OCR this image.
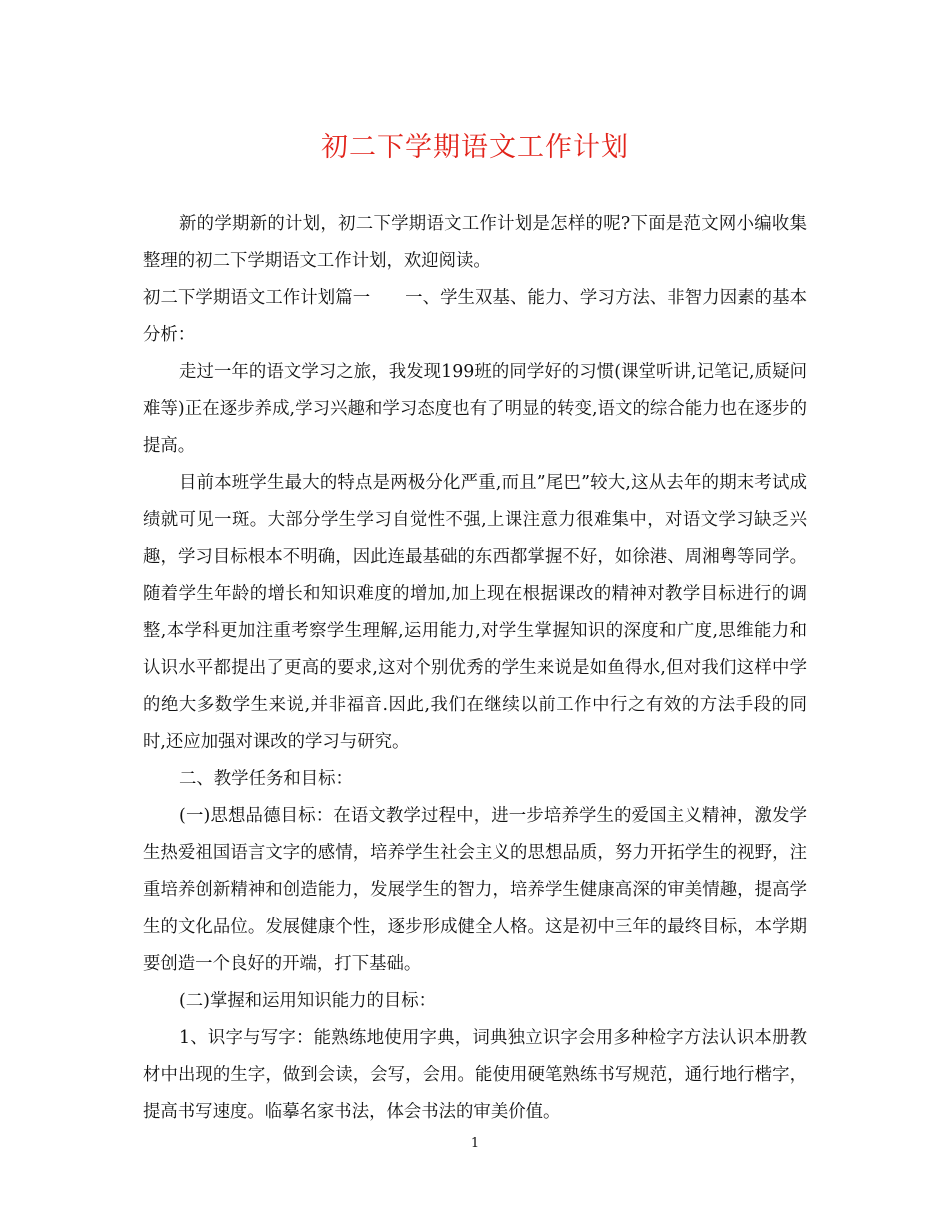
初二下学期语文工作计划

新的学期新的计划，初二下学期语文工作计划是怎样的呢?下面是范文网小编收集整理的初二下学期语文工作计划，欢迎阅读。

初二下学期语文工作计划篇一　　一、学生双基、能力、学习方法、非智力因素的基本分析：

走过一年的语文学习之旅，我发现199班的同学好的习惯(课堂听讲,记笔记,质疑问难等)正在逐步养成,学习兴趣和学习态度也有了明显的转变,语文的综合能力也在逐步的提高。

目前本班学生最大的特点是两极分化严重,而且”尾巴”较大,这从去年的期末考试成绩就可见一斑。大部分学生学习自觉性不强,上课注意力很难集中，对语文学习缺乏兴趣，学习目标根本不明确，因此连最基础的东西都掌握不好，如徐港、周湘粤等同学。随着学生年龄的增长和知识难度的增加,加上现在根据课改的精神对教学目标进行的调整,本学科更加注重考察学生理解,运用能力,对学生掌握知识的深度和广度,思维能力和认识水平都提出了更高的要求,这对个别优秀的学生来说是如鱼得水,但对我们这样中学的绝大多数学生来说,并非福音.因此,我们在继续以前工作中行之有效的方法手段的同时,还应加强对课改的学习与研究。

二、教学任务和目标：

(一)思想品德目标：在语文教学过程中，进一步培养学生的爱国主义精神，激发学生热爱祖国语言文字的感情，培养学生社会主义的思想品质，努力开拓学生的视野，注重培养创新精神和创造能力，发展学生的智力，培养学生健康高深的审美情趣，提高学生的文化品位。发展健康个性，逐步形成健全人格。这是初中三年的最终目标，本学期要创造一个良好的开端，打下基础。

(二)掌握和运用知识能力的目标：

1、识字与写字：能熟练地使用字典，词典独立识字会用多种检字方法认识本册教材中出现的生字，做到会读，会写，会用。能使用硬笔熟练书写规范，通行地行楷字，提高书写速度。临摹名家书法，体会书法的审美价值。

1
